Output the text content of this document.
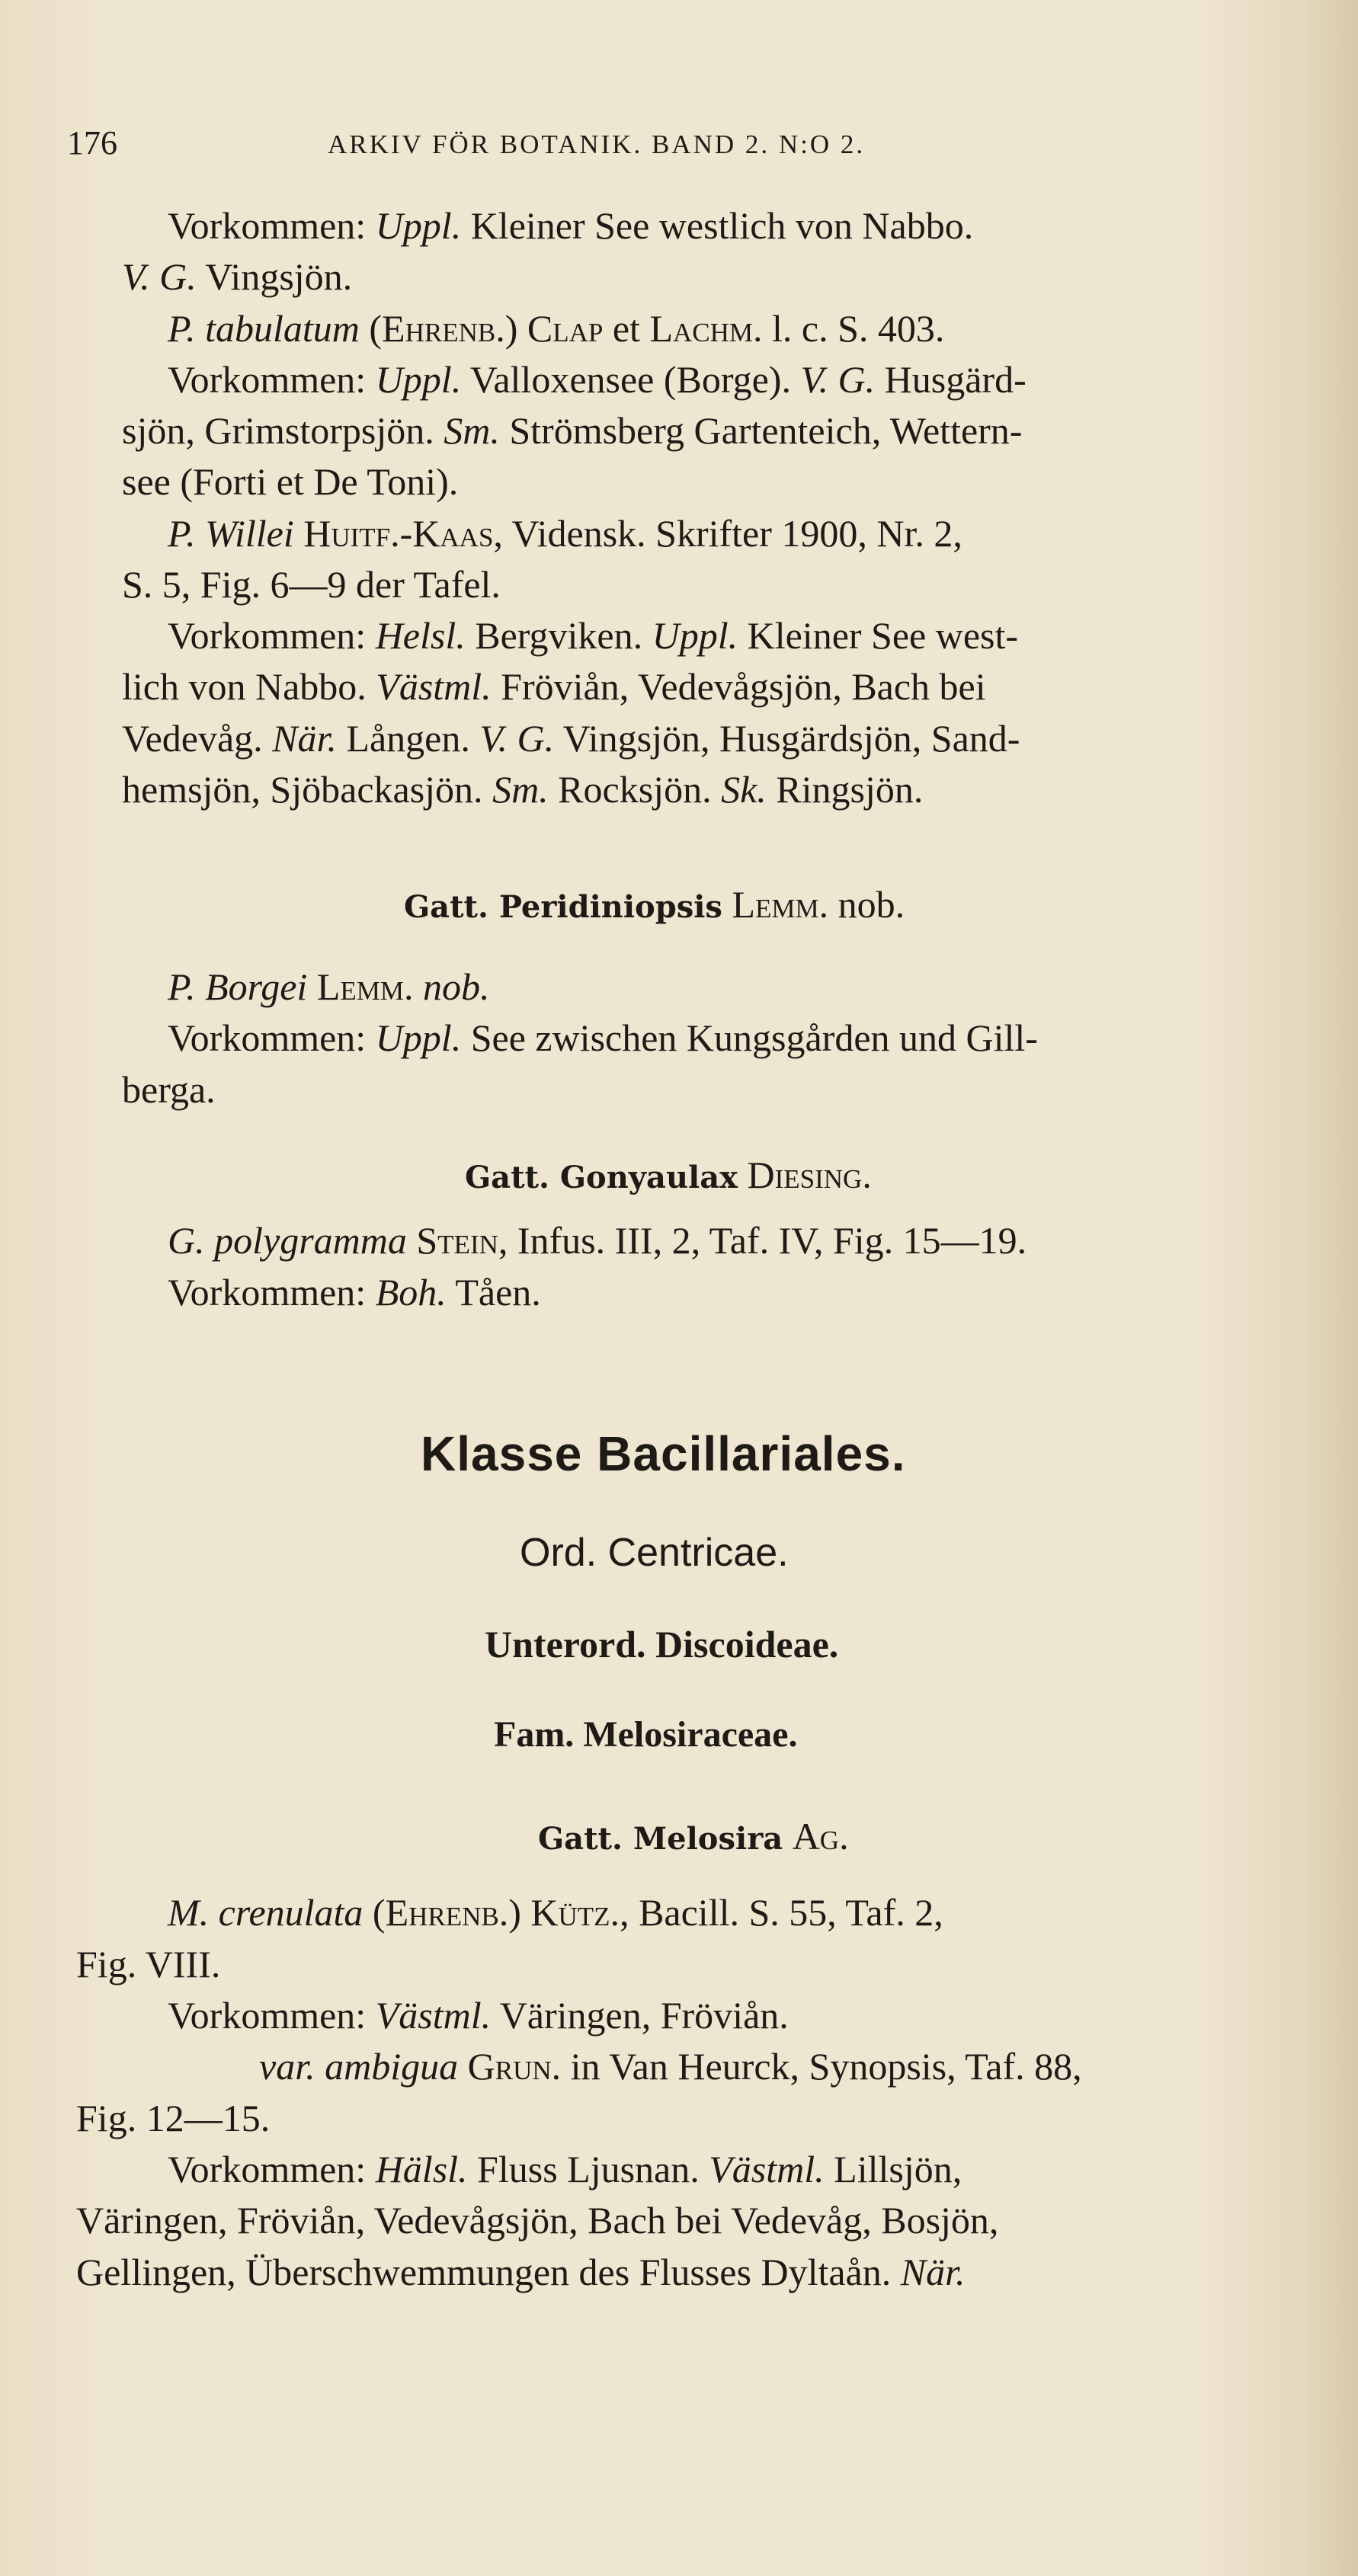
176	ARKIV FÖR BOTANIK. BAND 2. N:O 2.
Vorkommen: Uppl. Kleiner See westlich von Nabbo.
V. G. Vingsjön.
P. tabulatum (Ehrenb.) Clap et Lachm. l. c. S. 403.
Vorkommen: Uppl. Valloxensee (Borge). V. G. Husgärd-
sjön, Grimstorpsjön. Sm. Strömsberg Gartenteich, Wettern-
see (Forti et De Toni).
P. Willei Huitf.-Kaas, Vidensk. Skrifter 1900, Nr. 2,
S. 5, Fig. 6—9 der Tafel.
Vorkommen: Helsl. Bergviken. Uppl. Kleiner See west-
lich von Nabbo. Västml. Fröviån, Vedevågsjön, Bach bei
Vedevåg. När. Lången. V. G. Vingsjön, Husgärdsjön, Sand-
hemsjön, Sjöbackasjön. Sm. Rocksjön. Sk. Ringsjön.
Gatt. Peridiniopsis Lemm. nob.
P. Borgei Lemm. nob.
Vorkommen: Uppl. See zwischen Kungsgården und Gill-
berga.
Gatt. Gonyaulax Diesing.
G. polygramma Stein, Infus. III, 2, Taf. IV, Fig. 15—19.
Vorkommen: Boh. Tåen.
Klasse Bacillariales.
Ord. Centricae.
Unterord. Discoideae.
Fam. Melosiraceae.
Gatt. Melosira Ag.
M. crenulata (Ehrenb.) Kütz., Bacill. S. 55, Taf. 2,
Fig. VIII.
Vorkommen: Västml. Väringen, Fröviån.
var. ambigua Grun. in Van Heurck, Synopsis, Taf. 88,
Fig. 12—15.
Vorkommen: Hälsl. Fluss Ljusnan. Västml. Lillsjön,
Väringen, Fröviån, Vedevågsjön, Bach bei Vedevåg, Bosjön,
Gellingen, Überschwemmungen des Flusses Dyltaån. När.
